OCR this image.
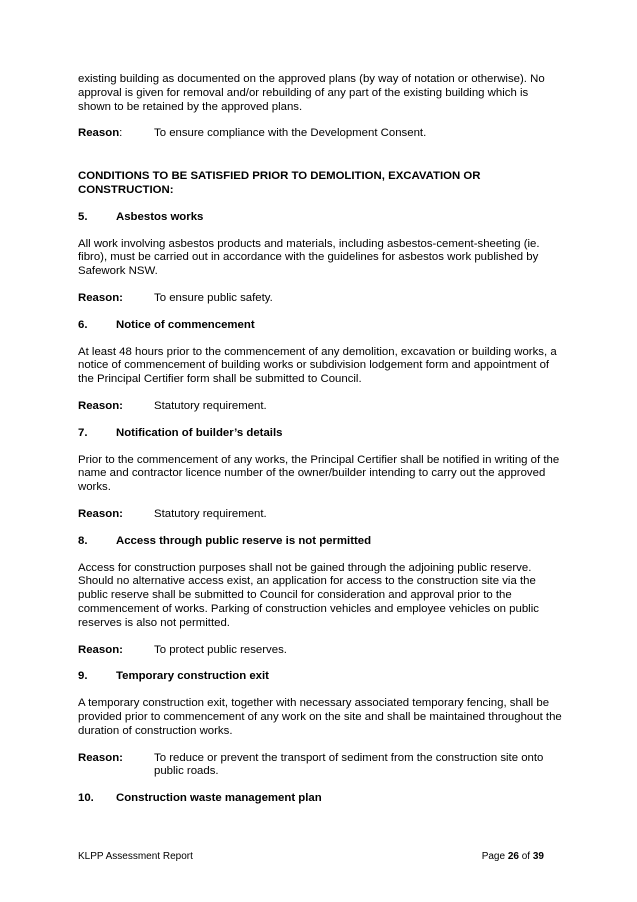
existing building as documented on the approved plans (by way of notation or otherwise). No approval is given for removal and/or rebuilding of any part of the existing building which is shown to be retained by the approved plans.

Reason:	To ensure compliance with the Development Consent.

CONDITIONS TO BE SATISFIED PRIOR TO DEMOLITION, EXCAVATION OR CONSTRUCTION:

5.	Asbestos works

All work involving asbestos products and materials, including asbestos-cement-sheeting (ie. fibro), must be carried out in accordance with the guidelines for asbestos work published by Safework NSW.

Reason:	To ensure public safety.
6.	Notice of commencement

At least 48 hours prior to the commencement of any demolition, excavation or building works, a notice of commencement of building works or subdivision lodgement form and appointment of the Principal Certifier form shall be submitted to Council.

Reason:	Statutory requirement.
7.	Notification of builder’s details

Prior to the commencement of any works, the Principal Certifier shall be notified in writing of the name and contractor licence number of the owner/builder intending to carry out the approved works.

Reason:	Statutory requirement.
8.	Access through public reserve is not permitted

Access for construction purposes shall not be gained through the adjoining public reserve. Should no alternative access exist, an application for access to the construction site via the public reserve shall be submitted to Council for consideration and approval prior to the commencement of works. Parking of construction vehicles and employee vehicles on public reserves is also not permitted.

Reason:	To protect public reserves.
9.	Temporary construction exit

A temporary construction exit, together with necessary associated temporary fencing, shall be provided prior to commencement of any work on the site and shall be maintained throughout the duration of construction works.

Reason:	To reduce or prevent the transport of sediment from the construction site onto public roads.
10.	Construction waste management plan
KLPP Assessment Report	Page 26 of 39
